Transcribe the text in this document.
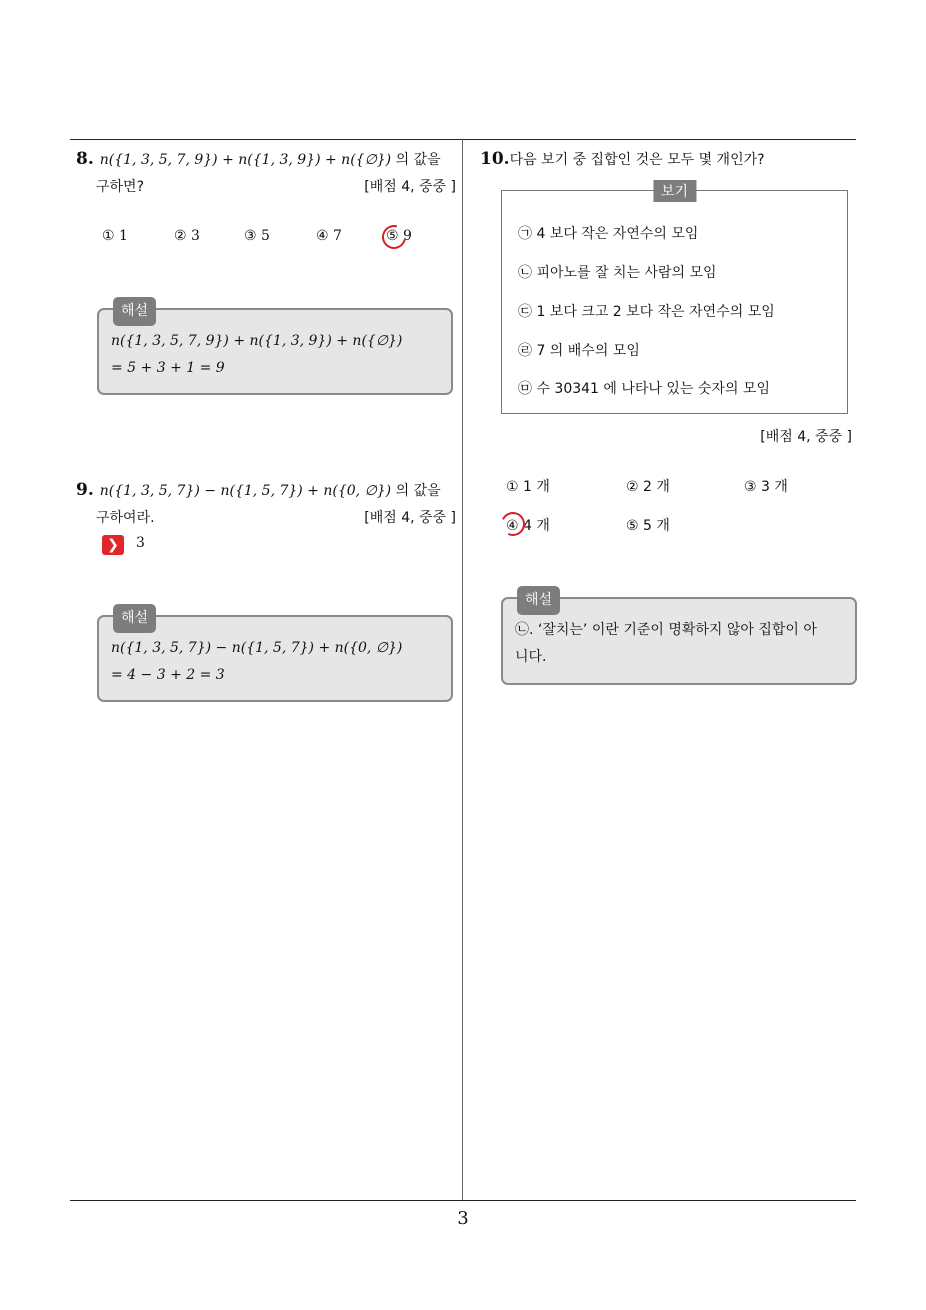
8. n({1, 3, 5, 7, 9}) + n({1, 3, 9}) + n({∅}) 의 값을
구하면?	[배점 4, 중중 ]
① 1	② 3	③ 5	④ 7	⑤ 9
해설
n({1, 3, 5, 7, 9}) + n({1, 3, 9}) + n({∅})
= 5 + 3 + 1 = 9
9. n({1, 3, 5, 7}) − n({1, 5, 7}) + n({0, ∅}) 의 값을
구하여라.	[배점 4, 중중 ]
❯	3
해설
n({1, 3, 5, 7}) − n({1, 5, 7}) + n({0, ∅})
= 4 − 3 + 2 = 3
10.다음 보기 중 집합인 것은 모두 몇 개인가?
보기
㉠ 4 보다 작은 자연수의 모임
㉡ 피아노를 잘 치는 사람의 모임
㉢ 1 보다 크고 2 보다 작은 자연수의 모임
㉣ 7 의 배수의 모임
㉤ 수 30341 에 나타나 있는 숫자의 모임
[배점 4, 중중 ]
① 1 개	② 2 개	③ 3 개
④ 4 개	⑤ 5 개
해설
㉡. ‘잘치는’ 이란 기준이 명확하지 않아 집합이 아
니다.
3
